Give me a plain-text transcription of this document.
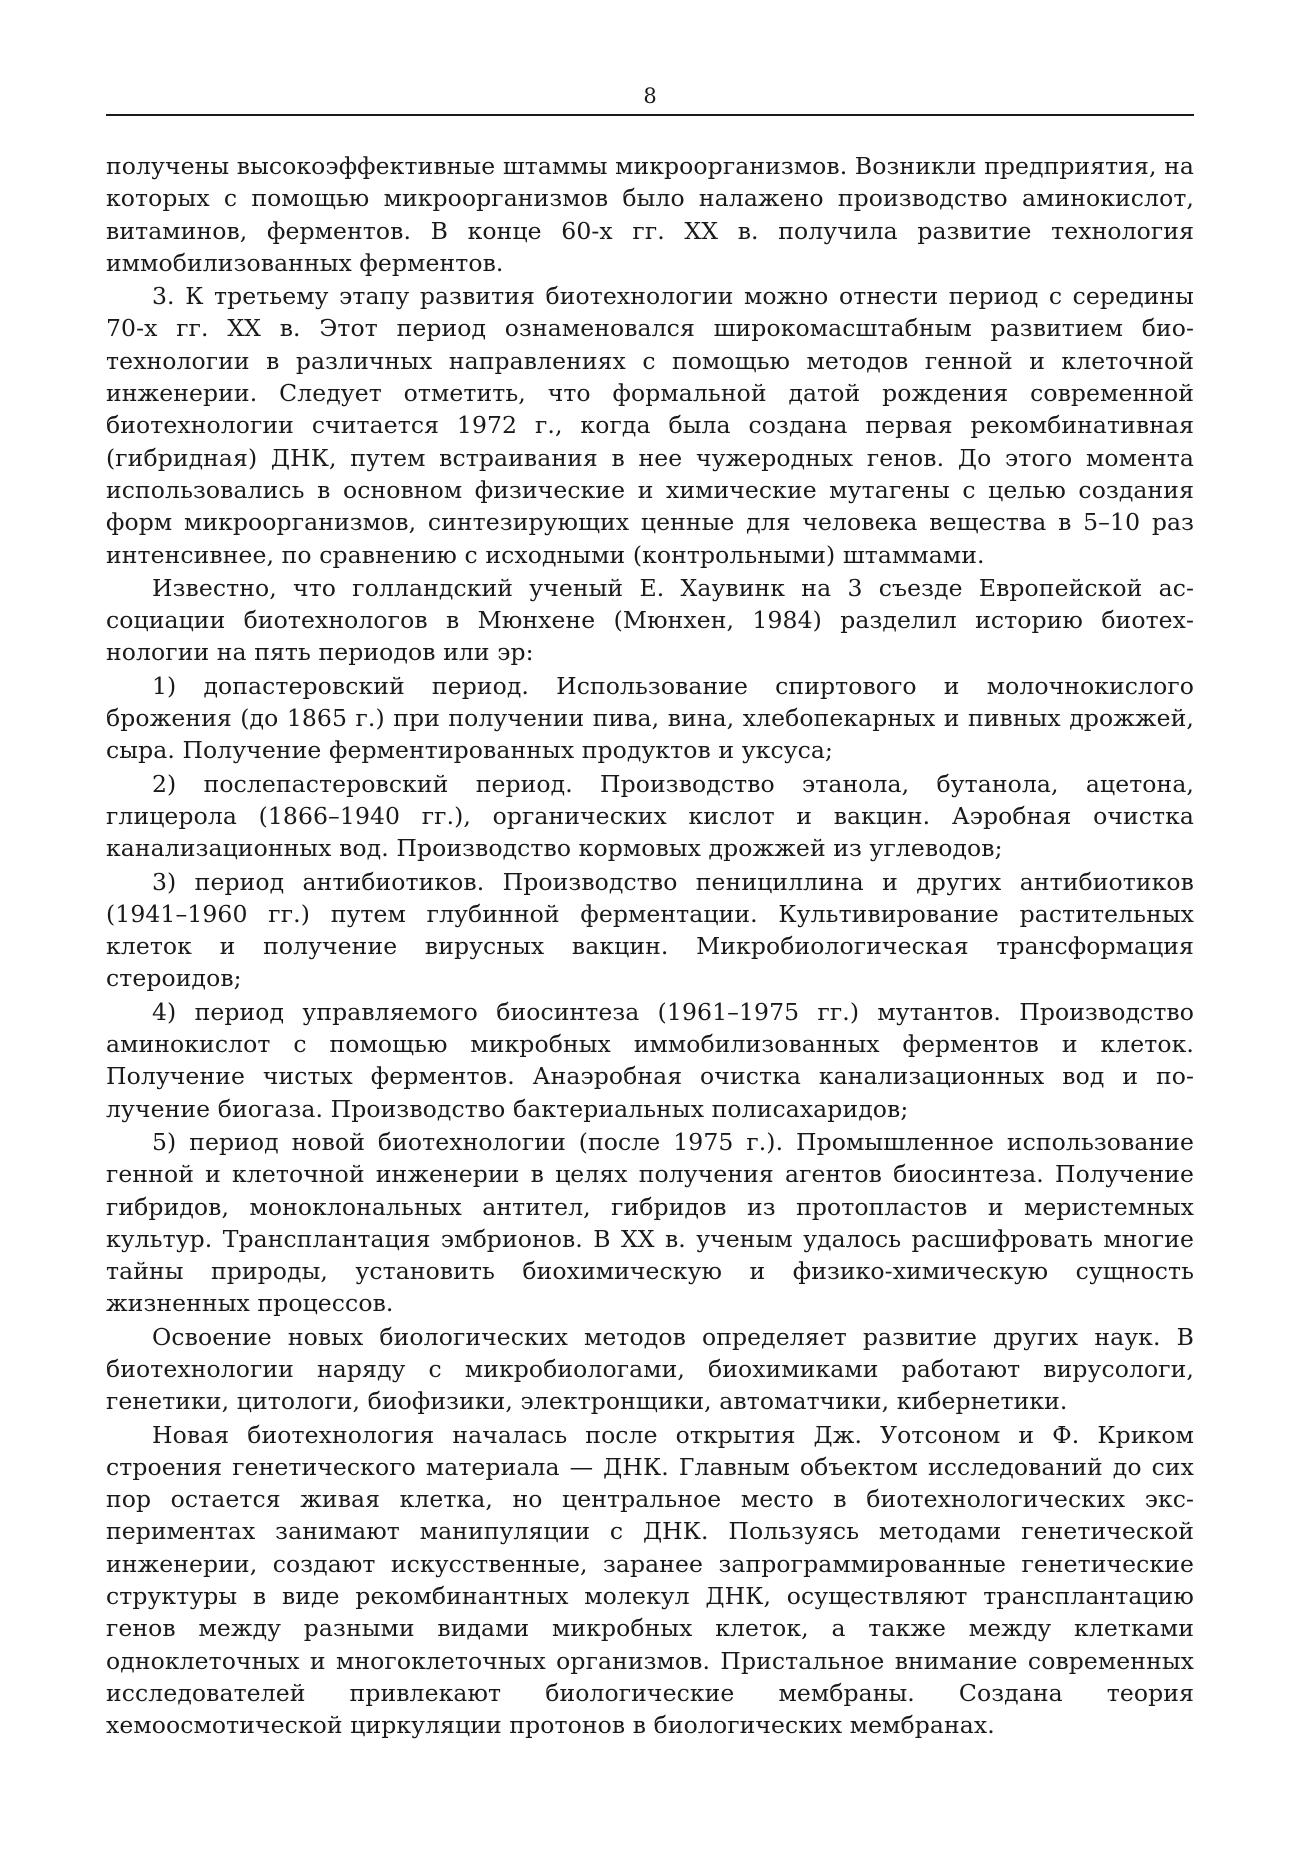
8

получены высокоэффективные штаммы микроорганизмов. Возникли предприятия, на которых с помощью микроорганизмов было налажено производство аминокислот, витаминов, ферментов. В конце 60-х гг. XX в. получила развитие технология иммобилизованных ферментов.

3. К третьему этапу развития биотехнологии можно отнести период с середины 70-х гг. XX в. Этот период ознаменовался широкомасштабным развитием биотехнологии в различных направлениях с помощью методов генной и клеточной инженерии. Следует отметить, что формальной датой рождения современной биотехнологии считается 1972 г., когда была создана первая рекомбинативная (гибридная) ДНК, путем встраивания в нее чужеродных генов. До этого момента использовались в основном физические и химические мутагены с целью создания форм микроорганизмов, синтезирующих ценные для человека вещества в 5–10 раз интенсивнее, по сравнению с исходными (контрольными) штаммами.

Известно, что голландский ученый Е. Хаувинк на 3 съезде Европейской ассоциации биотехнологов в Мюнхене (Мюнхен, 1984) разделил историю биотехнологии на пять периодов или эр:

1) допастеровский период. Использование спиртового и молочнокислого брожения (до 1865 г.) при получении пива, вина, хлебопекарных и пивных дрожжей, сыра. Получение ферментированных продуктов и уксуса;

2) послепастеровский период. Производство этанола, бутанола, ацетона, глицерола (1866–1940 гг.), органических кислот и вакцин. Аэробная очистка канализационных вод. Производство кормовых дрожжей из углеводов;

3) период антибиотиков. Производство пенициллина и других антибиотиков (1941–1960 гг.) путем глубинной ферментации. Культивирование растительных клеток и получение вирусных вакцин. Микробиологическая трансформация стероидов;

4) период управляемого биосинтеза (1961–1975 гг.) мутантов. Производство аминокислот с помощью микробных иммобилизованных ферментов и клеток. Получение чистых ферментов. Анаэробная очистка канализационных вод и получение биогаза. Производство бактериальных полисахаридов;

5) период новой биотехнологии (после 1975 г.). Промышленное использование генной и клеточной инженерии в целях получения агентов биосинтеза. Получение гибридов, моноклональных антител, гибридов из протопластов и меристемных культур. Трансплантация эмбрионов. В XX в. ученым удалось расшифровать многие тайны природы, установить биохимическую и физико-химическую сущность жизненных процессов.

Освоение новых биологических методов определяет развитие других наук. В биотехнологии наряду с микробиологами, биохимиками работают вирусологи, генетики, цитологи, биофизики, электронщики, автоматчики, кибернетики.

Новая биотехнология началась после открытия Дж. Уотсоном и Ф. Криком строения генетического материала — ДНК. Главным объектом исследований до сих пор остается живая клетка, но центральное место в биотехнологических экспериментах занимают манипуляции с ДНК. Пользуясь методами генетической инженерии, создают искусственные, заранее запрограммированные генетические структуры в виде рекомбинантных молекул ДНК, осуществляют трансплантацию генов между разными видами микробных клеток, а также между клетками одноклеточных и многоклеточных организмов. Пристальное внимание современных исследователей привлекают биологические мембраны. Создана теория хемоосмотической циркуляции протонов в биологических мембранах.
